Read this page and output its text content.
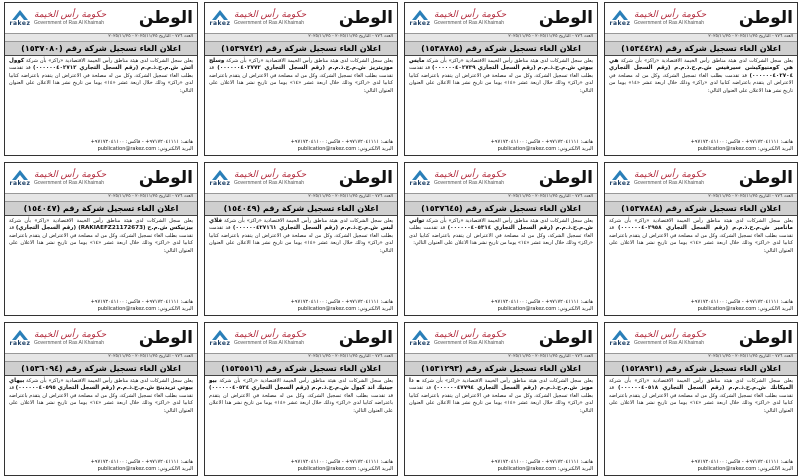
rakez
حكومة رأس الخيمة
Government of Ras Al Khaimah الوطن
العدد ٧٧٦ - التاريخ ٢٠٢٥/١١/٢٥ - ٢٠٢٥/١١/٢٥
اعلان الغاء تسجيل شركة رقم (١٥٣٧٠٨٠)
يعلن سجل الشركات لدى هيئة مناطق رأس الخيمة الاقتصادية «راكز» بأن شركة كوول اتش ش.م.ح.ذ.م.م (رقم السجل التجاري ٠٠٠٠٠٠٤٠٢٧١٢) قد تقدمت بطلب الغاء تسجيل الشركة، وكل من له مصلحة في الاعتراض ان يتقدم باعتراضه كتابيا لدى «راكز» وذلك خلال اربعة عشر «١٤» يوما من تاريخ نشر هذا الاعلان على العنوان التالي:
هاتف: ٩٧١٧٢٠٤١١١١+ - فاكس: ٩٧١٧٢٠٤١١٠٠+
البريد الالكتروني: publication@rakez.com
rakez
حكومة رأس الخيمة
Government of Ras Al Khaimah الوطن
العدد ٧٧٦ - التاريخ ٢٠٢٥/١١/٢٥ - ٢٠٢٥/١١/٢٥
اعلان الغاء تسجيل شركة رقم (١٥٣٩٧٤٢)
يعلن سجل الشركات لدى هيئة مناطق رأس الخيمة الاقتصادية «راكز» بأن شركة وسلج موزيتريز ش.م.ح.ذ.م.م (رقم السجل التجاري ٠٠٠٠٠٠٤٠٢٧٧٢) قد تقدمت بطلب الغاء تسجيل الشركة، وكل من له مصلحة في الاعتراض ان يتقدم باعتراضه كتابيا لدى «راكز» وذلك خلال اربعة عشر «١٤» يوما من تاريخ نشر هذا الاعلان على العنوان التالي:
هاتف: ٩٧١٧٢٠٤١١١١+ - فاكس: ٩٧١٧٢٠٤١١٠٠+
البريد الالكتروني: publication@rakez.com
rakez
حكومة رأس الخيمة
Government of Ras Al Khaimah الوطن
العدد ٧٧٦ - التاريخ ٢٠٢٥/١١/٢٥ - ٢٠٢٥/١١/٢٥
اعلان الغاء تسجيل شركة رقم (١٥٣٨٧٨٥)
يعلن سجل الشركات لدى هيئة مناطق رأس الخيمة الاقتصادية «راكز» بأن شركة مايس بيوتي ش.م.ح.ذ.م.م (رقم السجل التجاري ٠٠٠٠٠٠٤٠٢٧٣٩) قد تقدمت بطلب الغاء تسجيل الشركة، وكل من له مصلحة في الاعتراض ان يتقدم باعتراضه كتابيا لدى «راكز» وذلك خلال اربعة عشر «١٤» يوما من تاريخ نشر هذا الاعلان على العنوان التالي:
هاتف: ٩٧١٧٢٠٤١١١١+ - فاكس: ٩٧١٧٢٠٤١١٠٠+
البريد الالكتروني: publication@rakez.com
rakez
حكومة رأس الخيمة
Government of Ras Al Khaimah الوطن
العدد ٧٧٦ - التاريخ ٢٠٢٥/١١/٢٥ - ٢٠٢٥/١١/٢٥
اعلان الغاء تسجيل شركة رقم (١٥٣٤٤٢٨)
يعلن سجل الشركات لدى هيئة مناطق رأس الخيمة الاقتصادية «راكز» بأن شركة هي هي كومنيوكيشن سيرفيس ش.م.ح.ذ.م.م (رقم السجل التجاري ٠٠٠٠٠٠٤٠٢٧٠٤) قد تقدمت بطلب الغاء تسجيل الشركة، وكل من له مصلحة في الاعتراض ان يتقدم باعتراضه كتابيا لدى «راكز» وذلك خلال اربعة عشر «١٤» يوما من تاريخ نشر هذا الاعلان على العنوان التالي:
هاتف: ٩٧١٧٢٠٤١١١١+ - فاكس: ٩٧١٧٢٠٤١١٠٠+
البريد الالكتروني: publication@rakez.com
rakez
حكومة رأس الخيمة
Government of Ras Al Khaimah الوطن
العدد ٧٧٦ - التاريخ ٢٠٢٥/١١/٢٥ - ٢٠٢٥/١١/٢٥
اعلان الغاء تسجيل شركة رقم (١٥٤٠٤٧)
يعلن سجل الشركات لدى هيئة مناطق رأس الخيمة الاقتصادية «راكز» بأن شركة بيزنيكس ش.م.ح (RAKIAEFZ21172673) (رقم السجل التجاري) قد تقدمت بطلب الغاء تسجيل الشركة، وكل من له مصلحة في الاعتراض ان يتقدم باعتراضه كتابيا لدى «راكز» وذلك خلال اربعة عشر «١٤» يوما من تاريخ نشر هذا الاعلان على العنوان التالي:
هاتف: ٩٧١٧٢٠٤١١١١+ - فاكس: ٩٧١٧٢٠٤١١٠٠+
البريد الالكتروني: publication@rakez.com
rakez
حكومة رأس الخيمة
Government of Ras Al Khaimah الوطن
العدد ٧٧٦ - التاريخ ٢٠٢٥/١١/٢٥ - ٢٠٢٥/١١/٢٥
اعلان الغاء تسجيل شركة رقم (١٥٤٠٤٩)
يعلن سجل الشركات لدى هيئة مناطق رأس الخيمة الاقتصادية «راكز» بأن شركة فلاي لبس ش.م.ح.ذ.م.م (رقم السجل التجاري ٠٠٠٠٠٠٤٢٧١٦١) قد تقدمت بطلب الغاء تسجيل الشركة، وكل من له مصلحة في الاعتراض ان يتقدم باعتراضه كتابيا لدى «راكز» وذلك خلال اربعة عشر «١٤» يوما من تاريخ نشر هذا الاعلان على العنوان التالي:
هاتف: ٩٧١٧٢٠٤١١١١+ - فاكس: ٩٧١٧٢٠٤١١٠٠+
البريد الالكتروني: publication@rakez.com
rakez
حكومة رأس الخيمة
Government of Ras Al Khaimah الوطن
العدد ٧٧٦ - التاريخ ٢٠٢٥/١١/٢٥ - ٢٠٢٥/١١/٢٥
اعلان الغاء تسجيل شركة رقم (١٥٣٧٦٤٥)
يعلن سجل الشركات لدى هيئة مناطق رأس الخيمة الاقتصادية «راكز» بأن شركة تواتي ش.م.ح.ذ.م.م (رقم السجل التجاري ٠٠٠٠٠٠٤٠٥٣١٤) قد تقدمت بطلب الغاء تسجيل الشركة، وكل من له مصلحة في الاعتراض ان يتقدم باعتراضه كتابيا لدى «راكز» وذلك خلال اربعة عشر «١٤» يوما من تاريخ نشر هذا الاعلان على العنوان التالي:
هاتف: ٩٧١٧٢٠٤١١١١+ - فاكس: ٩٧١٧٢٠٤١١٠٠+
البريد الالكتروني: publication@rakez.com
rakez
حكومة رأس الخيمة
Government of Ras Al Khaimah الوطن
العدد ٧٧٦ - التاريخ ٢٠٢٥/١١/٢٥ - ٢٠٢٥/١١/٢٥
اعلان الغاء تسجيل شركة رقم (١٥٣٧٨٤٨)
يعلن سجل الشركات لدى هيئة مناطق رأس الخيمة الاقتصادية «راكز» بأن شركة مانامير ش.م.ح.ذ.م.م (رقم السجل التجاري ٠٠٠٠٠٠٤٠٢٩٥٨) قد تقدمت بطلب الغاء تسجيل الشركة، وكل من له مصلحة في الاعتراض ان يتقدم باعتراضه كتابيا لدى «راكز» وذلك خلال اربعة عشر «١٤» يوما من تاريخ نشر هذا الاعلان على العنوان التالي:
هاتف: ٩٧١٧٢٠٤١١١١+ - فاكس: ٩٧١٧٢٠٤١١٠٠+
البريد الالكتروني: publication@rakez.com
rakez
حكومة رأس الخيمة
Government of Ras Al Khaimah الوطن
العدد ٧٧٦ - التاريخ ٢٠٢٥/١١/٢٥ - ٢٠٢٥/١١/٢٥
اعلان الغاء تسجيل شركة رقم (١٥٣٦٠٩٤)
يعلن سجل الشركات لدى هيئة مناطق رأس الخيمة الاقتصادية «راكز» بأن شركة بيهاي بيوتي تريدينج ش.م.ح.ذ.م.م (رقم السجل التجاري ٠٠٠٠٠٠٤٠٥٩٥) قد تقدمت بطلب الغاء تسجيل الشركة، وكل من له مصلحة في الاعتراض ان يتقدم باعتراضه كتابيا لدى «راكز» وذلك خلال اربعة عشر «١٤» يوما من تاريخ نشر هذا الاعلان على العنوان التالي:
هاتف: ٩٧١٧٢٠٤١١١١+ - فاكس: ٩٧١٧٢٠٤١١٠٠+
البريد الالكتروني: publication@rakez.com
rakez
حكومة رأس الخيمة
Government of Ras Al Khaimah الوطن
العدد ٧٧٦ - التاريخ ٢٠٢٥/١١/٢٥ - ٢٠٢٥/١١/٢٥
اعلان الغاء تسجيل شركة رقم (١٥٣٥٥١٦)
يعلن سجل الشركات لدى هيئة مناطق رأس الخيمة الاقتصادية «راكز» بأن شركة بيو جيتيك اند كيول ش.م.ح.ذ.م.م (رقم السجل التجاري ٠٠٠٠٠٠٤٠٥٢٤) قد تقدمت بطلب الغاء تسجيل الشركة، وكل من له مصلحة في الاعتراض ان يتقدم باعتراضه كتابيا لدى «راكز» وذلك خلال اربعة عشر «١٤» يوما من تاريخ نشر هذا الاعلان على العنوان التالي:
هاتف: ٩٧١٧٢٠٤١١١١+ - فاكس: ٩٧١٧٢٠٤١١٠٠+
البريد الالكتروني: publication@rakez.com
rakez
حكومة رأس الخيمة
Government of Ras Al Khaimah الوطن
العدد ٧٧٦ - التاريخ ٢٠٢٥/١١/٢٥ - ٢٠٢٥/١١/٢٥
اعلان الغاء تسجيل شركة رقم (١٥٣١٢٩٣)
يعلن سجل الشركات لدى هيئة مناطق رأس الخيمة الاقتصادية «راكز» بأن شركة ه دا موبز ش.م.ح.ذ.م.م (رقم السجل التجاري ٠٠٠٠٠٠٤٧٧٩٤) قد تقدمت بطلب الغاء تسجيل الشركة، وكل من له مصلحة في الاعتراض ان يتقدم باعتراضه كتابيا لدى «راكز» وذلك خلال اربعة عشر «١٤» يوما من تاريخ نشر هذا الاعلان على العنوان التالي:
هاتف: ٩٧١٧٢٠٤١١١١+ - فاكس: ٩٧١٧٢٠٤١١٠٠+
البريد الالكتروني: publication@rakez.com
rakez
حكومة رأس الخيمة
Government of Ras Al Khaimah الوطن
العدد ٧٧٦ - التاريخ ٢٠٢٥/١١/٢٥ - ٢٠٢٥/١١/٢٥
اعلان الغاء تسجيل شركة رقم (١٥٢٨٩٣١)
يعلن سجل الشركات لدى هيئة مناطق رأس الخيمة الاقتصادية «راكز» بأن شركة الميكانك ش.م.ح.ذ.م.م (رقم السجل التجاري ٠٠٠٠٠٠٤٠٥١٨) قد تقدمت بطلب الغاء تسجيل الشركة، وكل من له مصلحة في الاعتراض ان يتقدم باعتراضه كتابيا لدى «راكز» وذلك خلال اربعة عشر «١٤» يوما من تاريخ نشر هذا الاعلان على العنوان التالي:
هاتف: ٩٧١٧٢٠٤١١١١+ - فاكس: ٩٧١٧٢٠٤١١٠٠+
البريد الالكتروني: publication@rakez.com
